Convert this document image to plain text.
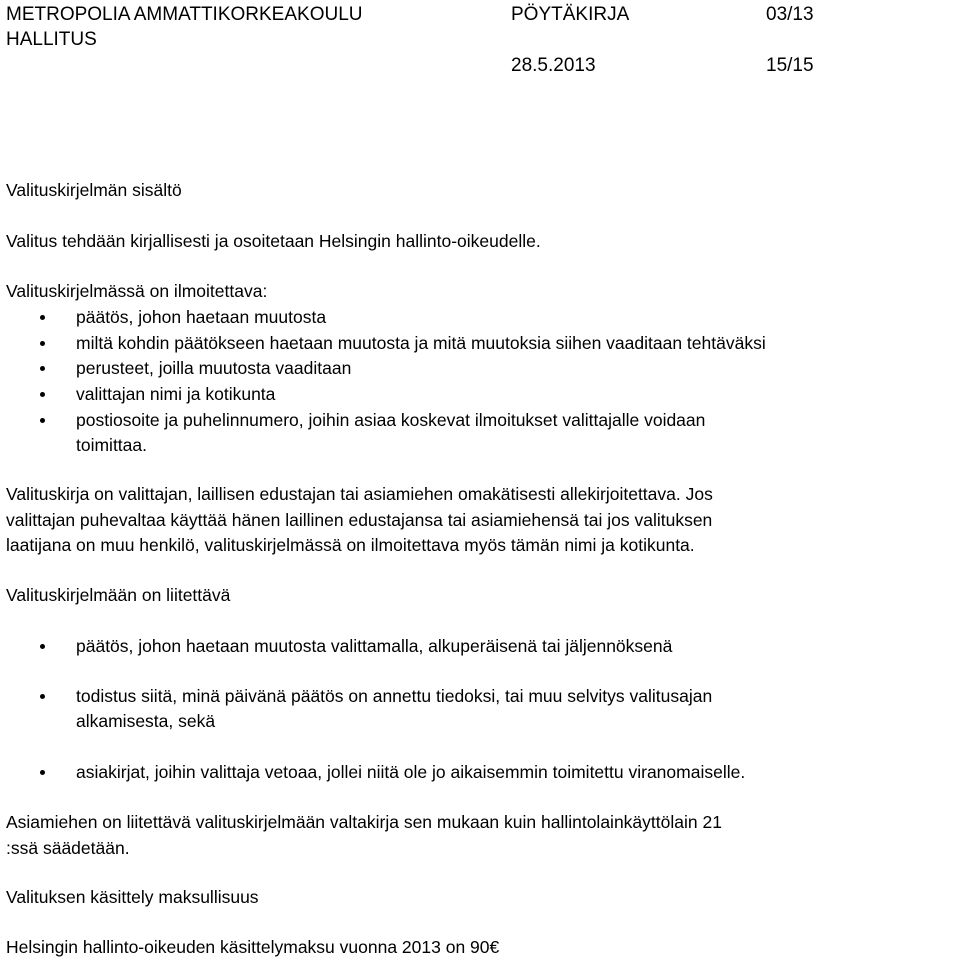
METROPOLIA AMMATTIKORKEAKOULU	PÖYTÄKIRJA	03/13
HALLITUS
28.5.2013	15/15
Valituskirjelmän sisältö
Valitus tehdään kirjallisesti ja osoitetaan Helsingin hallinto-oikeudelle.
Valituskirjelmässä on ilmoitettava:
päätös, johon haetaan muutosta
miltä kohdin päätökseen haetaan muutosta ja mitä muutoksia siihen vaaditaan tehtäväksi
perusteet, joilla muutosta vaaditaan
valittajan nimi ja kotikunta
postiosoite ja puhelinnumero, joihin asiaa koskevat ilmoitukset valittajalle voidaan
toimittaa.
Valituskirja on valittajan, laillisen edustajan tai asiamiehen omakätisesti allekirjoitettava. Jos
valittajan puhevaltaa käyttää hänen laillinen edustajansa tai asiamiehensä tai jos valituksen
laatijana on muu henkilö, valituskirjelmässä on ilmoitettava myös tämän nimi ja kotikunta.
Valituskirjelmään on liitettävä
päätös, johon haetaan muutosta valittamalla, alkuperäisenä tai jäljennöksenä
todistus siitä, minä päivänä päätös on annettu tiedoksi, tai muu selvitys valitusajan
alkamisesta, sekä
asiakirjat, joihin valittaja vetoaa, jollei niitä ole jo aikaisemmin toimitettu viranomaiselle.
Asiamiehen on liitettävä valituskirjelmään valtakirja sen mukaan kuin hallintolainkäyttölain 21
:ssä säädetään.
Valituksen käsittely maksullisuus
Helsingin hallinto-oikeuden käsittelymaksu vuonna 2013 on 90€
